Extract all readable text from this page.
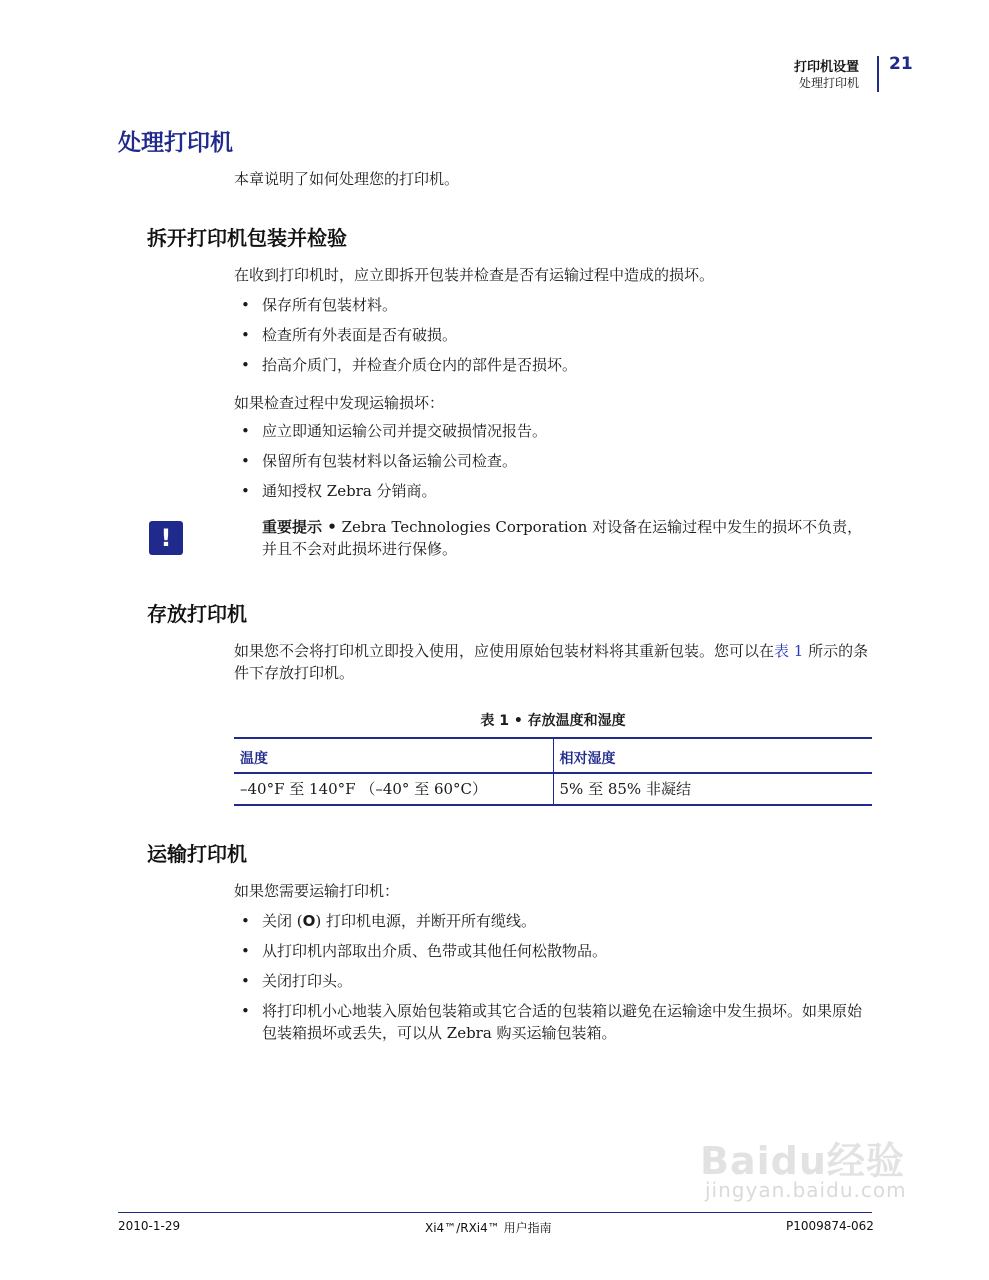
打印机设置
处理打印机
21
处理打印机
本章说明了如何处理您的打印机。
拆开打印机包装并检验
在收到打印机时，应立即拆开包装并检查是否有运输过程中造成的损坏。
• 保存所有包装材料。
• 检查所有外表面是否有破损。
• 抬高介质门，并检查介质仓内的部件是否损坏。
如果检查过程中发现运输损坏：
• 应立即通知运输公司并提交破损情况报告。
• 保留所有包装材料以备运输公司检查。
• 通知授权 Zebra 分销商。
!	重要提示 • Zebra Technologies Corporation 对设备在运输过程中发生的损坏不负责，并且不会对此损坏进行保修。
存放打印机
如果您不会将打印机立即投入使用，应使用原始包装材料将其重新包装。您可以在表 1 所示的条件下存放打印机。
表 1 • 存放温度和湿度
温度	相对湿度
–40°F 至 140°F （–40° 至 60°C）	5% 至 85% 非凝结
运输打印机
如果您需要运输打印机：
• 关闭 (O) 打印机电源，并断开所有缆线。
• 从打印机内部取出介质、色带或其他任何松散物品。
• 关闭打印头。
• 将打印机小心地装入原始包装箱或其它合适的包装箱以避免在运输途中发生损坏。如果原始包装箱损坏或丢失，可以从 Zebra 购买运输包装箱。
Baidu经验
jingyan.baidu.com
2010-1-29	Xi4™/RXi4™ 用户指南	P1009874-062
